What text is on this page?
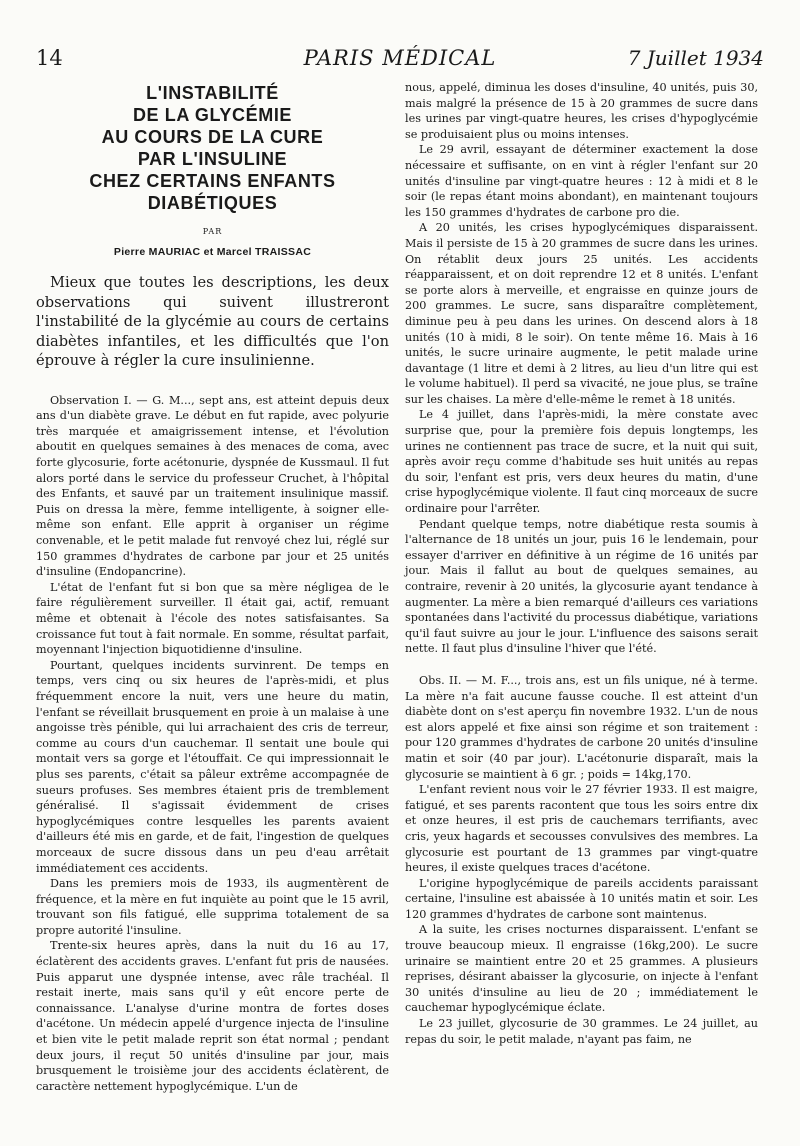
14	PARIS MÉDICAL	7 Juillet 1934
L'INSTABILITÉ
DE LA GLYCÉMIE
AU COURS DE LA CURE
PAR L'INSULINE
CHEZ CERTAINS ENFANTS
DIABÉTIQUES
PAR
Pierre MAURIAC et Marcel TRAISSAC
Mieux que toutes les descriptions, les deux observations qui suivent illustreront l'instabilité de la glycémie au cours de certains diabètes infantiles, et les difficultés que l'on éprouve à régler la cure insulinienne.

Observation I. — G. M..., sept ans, est atteint depuis deux ans d'un diabète grave. Le début en fut rapide, avec polyurie très marquée et amaigrissement intense, et l'évolution aboutit en quelques semaines à des menaces de coma, avec forte glycosurie, forte acétonurie, dyspnée de Kussmaul. Il fut alors porté dans le service du professeur Cruchet, à l'hôpital des Enfants, et sauvé par un traitement insulinique massif. Puis on dressa la mère, femme intelligente, à soigner elle-même son enfant. Elle apprit à organiser un régime convenable, et le petit malade fut renvoyé chez lui, réglé sur 150 grammes d'hydrates de carbone par jour et 25 unités d'insuline (Endopancrine).

L'état de l'enfant fut si bon que sa mère négligea de le faire régulièrement surveiller. Il était gai, actif, remuant même et obtenait à l'école des notes satisfaisantes. Sa croissance fut tout à fait normale. En somme, résultat parfait, moyennant l'injection biquotidienne d'insuline.

Pourtant, quelques incidents survinrent. De temps en temps, vers cinq ou six heures de l'après-midi, et plus fréquemment encore la nuit, vers une heure du matin, l'enfant se réveillait brusquement en proie à un malaise à une angoisse très pénible, qui lui arrachaient des cris de terreur, comme au cours d'un cauchemar. Il sentait une boule qui montait vers sa gorge et l'étouffait. Ce qui impressionnait le plus ses parents, c'était sa pâleur extrême accompagnée de sueurs profuses. Ses membres étaient pris de tremblement généralisé. Il s'agissait évidemment de crises hypoglycémiques contre lesquelles les parents avaient d'ailleurs été mis en garde, et de fait, l'ingestion de quelques morceaux de sucre dissous dans un peu d'eau arrêtait immédiatement ces accidents.

Dans les premiers mois de 1933, ils augmentèrent de fréquence, et la mère en fut inquiète au point que le 15 avril, trouvant son fils fatigué, elle supprima totalement de sa propre autorité l'insuline.

Trente-six heures après, dans la nuit du 16 au 17, éclatèrent des accidents graves. L'enfant fut pris de nausées. Puis apparut une dyspnée intense, avec râle trachéal. Il restait inerte, mais sans qu'il y eût encore perte de connaissance. L'analyse d'urine montra de fortes doses d'acétone. Un médecin appelé d'urgence injecta de l'insuline et bien vite le petit malade reprit son état normal ; pendant deux jours, il reçut 50 unités d'insuline par jour, mais brusquement le troisième jour des accidents éclatèrent, de caractère nettement hypoglycémique. L'un de

nous, appelé, diminua les doses d'insuline, 40 unités, puis 30, mais malgré la présence de 15 à 20 grammes de sucre dans les urines par vingt-quatre heures, les crises d'hypoglycémie se produisaient plus ou moins intenses.

Le 29 avril, essayant de déterminer exactement la dose nécessaire et suffisante, on en vint à régler l'enfant sur 20 unités d'insuline par vingt-quatre heures : 12 à midi et 8 le soir (le repas étant moins abondant), en maintenant toujours les 150 grammes d'hydrates de carbone pro die.

A 20 unités, les crises hypoglycémiques disparaissent. Mais il persiste de 15 à 20 grammes de sucre dans les urines. On rétablit deux jours 25 unités. Les accidents réapparaissent, et on doit reprendre 12 et 8 unités. L'enfant se porte alors à merveille, et engraisse en quinze jours de 200 grammes. Le sucre, sans disparaître complètement, diminue peu à peu dans les urines. On descend alors à 18 unités (10 à midi, 8 le soir). On tente même 16. Mais à 16 unités, le sucre urinaire augmente, le petit malade urine davantage (1 litre et demi à 2 litres, au lieu d'un litre qui est le volume habituel). Il perd sa vivacité, ne joue plus, se traîne sur les chaises. La mère d'elle-même le remet à 18 unités.

Le 4 juillet, dans l'après-midi, la mère constate avec surprise que, pour la première fois depuis longtemps, les urines ne contiennent pas trace de sucre, et la nuit qui suit, après avoir reçu comme d'habitude ses huit unités au repas du soir, l'enfant est pris, vers deux heures du matin, d'une crise hypoglycémique violente. Il faut cinq morceaux de sucre ordinaire pour l'arrêter.

Pendant quelque temps, notre diabétique resta soumis à l'alternance de 18 unités un jour, puis 16 le lendemain, pour essayer d'arriver en définitive à un régime de 16 unités par jour. Mais il fallut au bout de quelques semaines, au contraire, revenir à 20 unités, la glycosurie ayant tendance à augmenter. La mère a bien remarqué d'ailleurs ces variations spontanées dans l'activité du processus diabétique, variations qu'il faut suivre au jour le jour. L'influence des saisons serait nette. Il faut plus d'insuline l'hiver que l'été.

Obs. II. — M. F..., trois ans, est un fils unique, né à terme. La mère n'a fait aucune fausse couche. Il est atteint d'un diabète dont on s'est aperçu fin novembre 1932. L'un de nous est alors appelé et fixe ainsi son régime et son traitement : pour 120 grammes d'hydrates de carbone 20 unités d'insuline matin et soir (40 par jour). L'acétonurie disparaît, mais la glycosurie se maintient à 6 gr. ; poids = 14kg,170.

L'enfant revient nous voir le 27 février 1933. Il est maigre, fatigué, et ses parents racontent que tous les soirs entre dix et onze heures, il est pris de cauchemars terrifiants, avec cris, yeux hagards et secousses convulsives des membres. La glycosurie est pourtant de 13 grammes par vingt-quatre heures, il existe quelques traces d'acétone.

L'origine hypoglycémique de pareils accidents paraissant certaine, l'insuline est abaissée à 10 unités matin et soir. Les 120 grammes d'hydrates de carbone sont maintenus.

A la suite, les crises nocturnes disparaissent. L'enfant se trouve beaucoup mieux. Il engraisse (16kg,200). Le sucre urinaire se maintient entre 20 et 25 grammes. A plusieurs reprises, désirant abaisser la glycosurie, on injecte à l'enfant 30 unités d'insuline au lieu de 20 ; immédiatement le cauchemar hypoglycémique éclate.

Le 23 juillet, glycosurie de 30 grammes. Le 24 juillet, au repas du soir, le petit malade, n'ayant pas faim, ne
